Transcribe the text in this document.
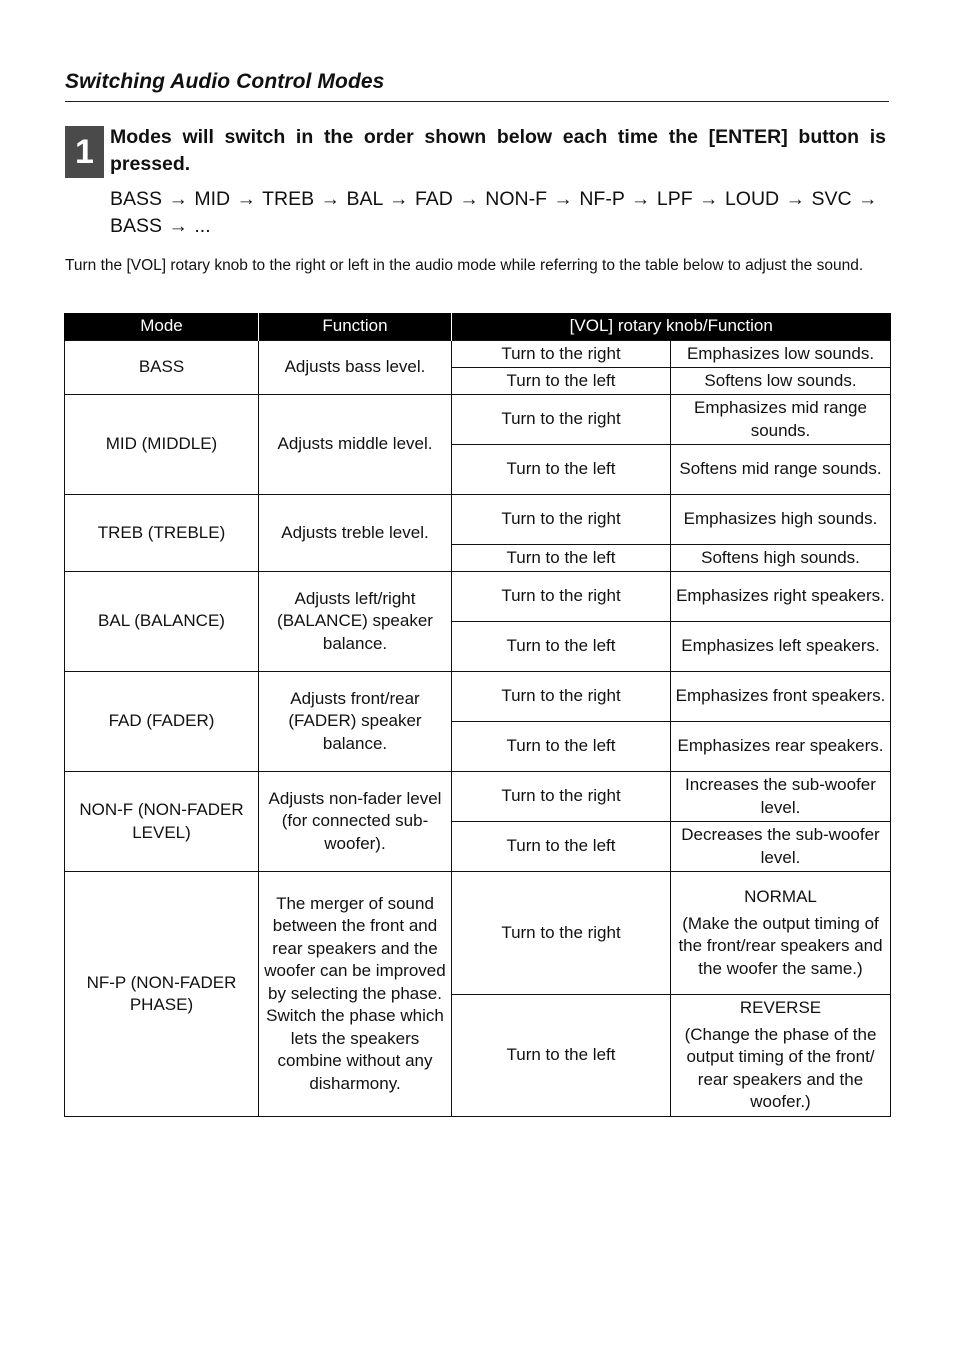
Switching Audio Control Modes
1 Modes will switch in the order shown below each time the [ENTER] button is pressed.
BASS → MID → TREB → BAL → FAD → NON-F → NF-P → LPF → LOUD → SVC → BASS → ...
Turn the [VOL] rotary knob to the right or left in the audio mode while referring to the table below to adjust the sound.
Mode	Function	[VOL] rotary knob/Function	
BASS	Adjusts bass level.	Turn to the right	Emphasizes low sounds.
		Turn to the left	Softens low sounds.
MID (MIDDLE)	Adjusts middle level.	Turn to the right	Emphasizes mid range sounds.
		Turn to the left	Softens mid range sounds.
TREB (TREBLE)	Adjusts treble level.	Turn to the right	Emphasizes high sounds.
		Turn to the left	Softens high sounds.
BAL (BALANCE)	Adjusts left/right (BALANCE) speaker balance.	Turn to the right	Emphasizes right speakers.
		Turn to the left	Emphasizes left speakers.
FAD (FADER)	Adjusts front/rear (FADER) speaker balance.	Turn to the right	Emphasizes front speakers.
		Turn to the left	Emphasizes rear speakers.
NON-F (NON-FADER LEVEL)	Adjusts non-fader level (for connected sub-woofer).	Turn to the right	Increases the sub-woofer level.
		Turn to the left	Decreases the sub-woofer level.
NF-P (NON-FADER PHASE)	The merger of sound between the front and rear speakers and the woofer can be improved by selecting the phase. Switch the phase which lets the speakers combine without any disharmony.	Turn to the right	NORMAL
(Make the output timing of the front/rear speakers and the woofer the same.)
		Turn to the left	REVERSE
(Change the phase of the output timing of the front/ rear speakers and the woofer.)
